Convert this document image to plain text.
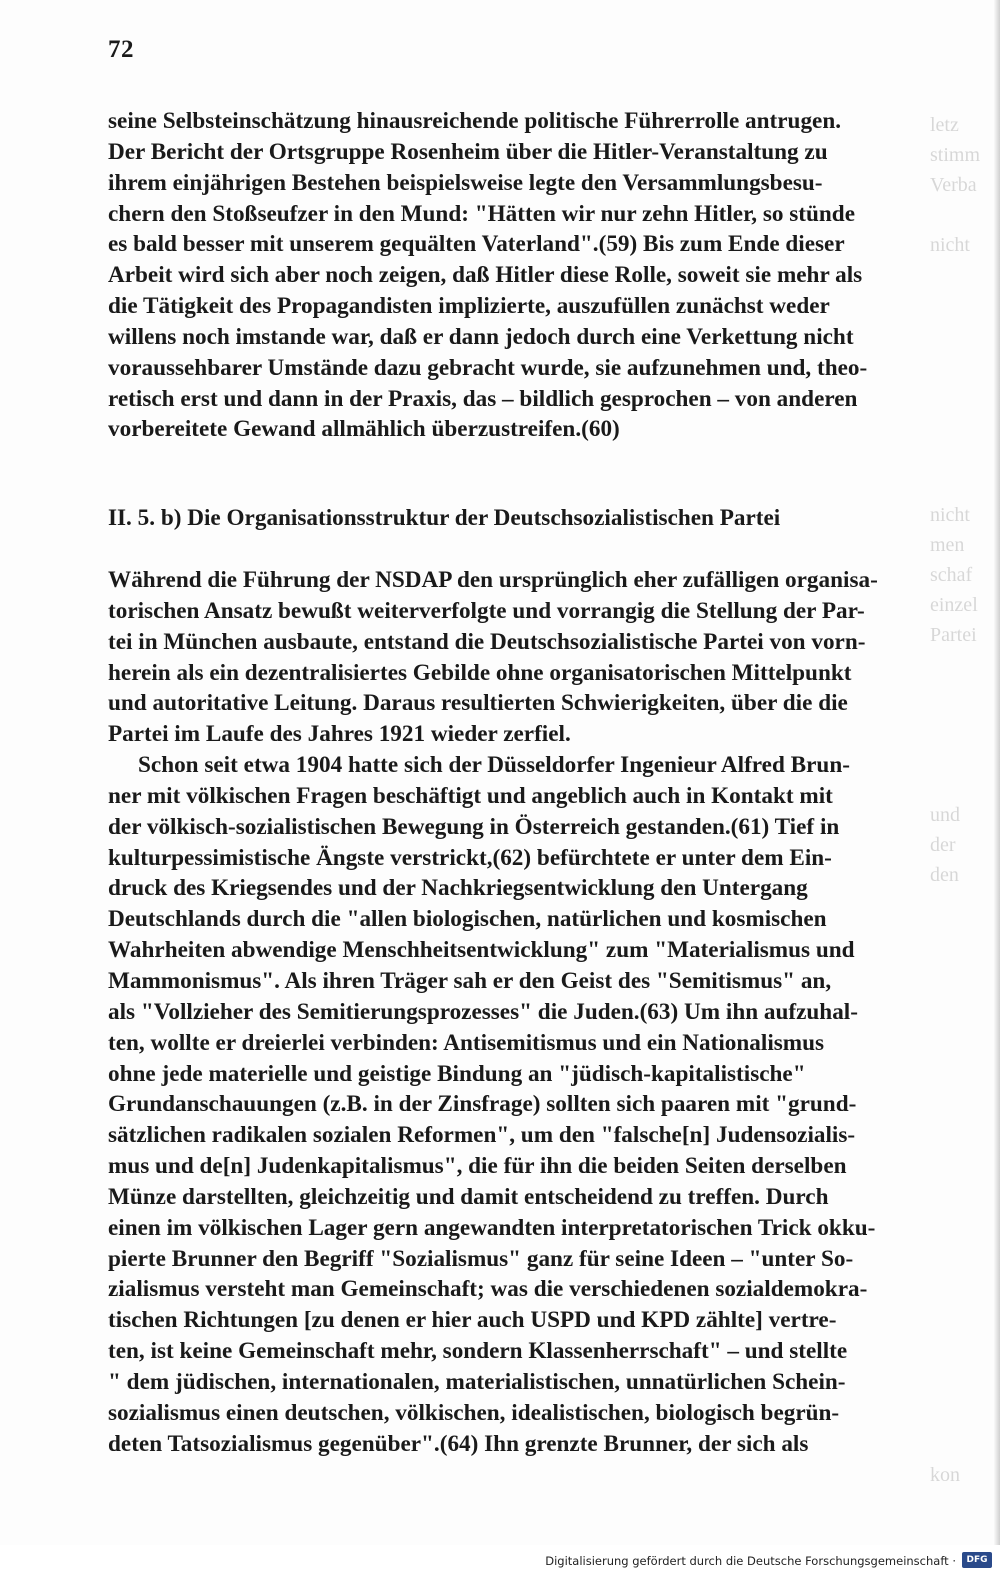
letz
stimm
Verba

nicht

nicht
men
schaf
einzel
Partei

und
der
den

kon
72
seine Selbsteinschätzung hinausreichende politische Führerrolle antrugen.
Der Bericht der Ortsgruppe Rosenheim über die Hitler-Veranstaltung zu
ihrem einjährigen Bestehen beispielsweise legte den Versammlungsbesu-
chern den Stoßseufzer in den Mund: "Hätten wir nur zehn Hitler, so stünde
es bald besser mit unserem gequälten Vaterland".(59) Bis zum Ende dieser
Arbeit wird sich aber noch zeigen, daß Hitler diese Rolle, soweit sie mehr als
die Tätigkeit des Propagandisten implizierte, auszufüllen zunächst weder
willens noch imstande war, daß er dann jedoch durch eine Verkettung nicht
voraussehbarer Umstände dazu gebracht wurde, sie aufzunehmen und, theo-
retisch erst und dann in der Praxis, das – bildlich gesprochen – von anderen
vorbereitete Gewand allmählich überzustreifen.(60)
II. 5. b) Die Organisationsstruktur der Deutschsozialistischen Partei
Während die Führung der NSDAP den ursprünglich eher zufälligen organisa-
torischen Ansatz bewußt weiterverfolgte und vorrangig die Stellung der Par-
tei in München ausbaute, entstand die Deutschsozialistische Partei von vorn-
herein als ein dezentralisiertes Gebilde ohne organisatorischen Mittelpunkt
und autoritative Leitung. Daraus resultierten Schwierigkeiten, über die die
Partei im Laufe des Jahres 1921 wieder zerfiel.
Schon seit etwa 1904 hatte sich der Düsseldorfer Ingenieur Alfred Brun-
ner mit völkischen Fragen beschäftigt und angeblich auch in Kontakt mit
der völkisch-sozialistischen Bewegung in Österreich gestanden.(61) Tief in
kulturpessimistische Ängste verstrickt,(62) befürchtete er unter dem Ein-
druck des Kriegsendes und der Nachkriegsentwicklung den Untergang
Deutschlands durch die "allen biologischen, natürlichen und kosmischen
Wahrheiten abwendige Menschheitsentwicklung" zum "Materialismus und
Mammonismus". Als ihren Träger sah er den Geist des "Semitismus" an,
als "Vollzieher des Semitierungsprozesses" die Juden.(63) Um ihn aufzuhal-
ten, wollte er dreierlei verbinden: Antisemitismus und ein Nationalismus
ohne jede materielle und geistige Bindung an "jüdisch-kapitalistische"
Grundanschauungen (z.B. in der Zinsfrage) sollten sich paaren mit "grund-
sätzlichen radikalen sozialen Reformen", um den "falsche[n] Judensozialis-
mus und de[n] Judenkapitalismus", die für ihn die beiden Seiten derselben
Münze darstellten, gleichzeitig und damit entscheidend zu treffen. Durch
einen im völkischen Lager gern angewandten interpretatorischen Trick okku-
pierte Brunner den Begriff "Sozialismus" ganz für seine Ideen – "unter So-
zialismus versteht man Gemeinschaft; was die verschiedenen sozialdemokra-
tischen Richtungen [zu denen er hier auch USPD und KPD zählte] vertre-
ten, ist keine Gemeinschaft mehr, sondern Klassenherrschaft" – und stellte
" dem jüdischen, internationalen, materialistischen, unnatürlichen Schein-
sozialismus einen deutschen, völkischen, idealistischen, biologisch begrün-
deten Tatsozialismus gegenüber".(64) Ihn grenzte Brunner, der sich als
Digitalisierung gefördert durch die Deutsche Forschungsgemeinschaft ·	DFG
